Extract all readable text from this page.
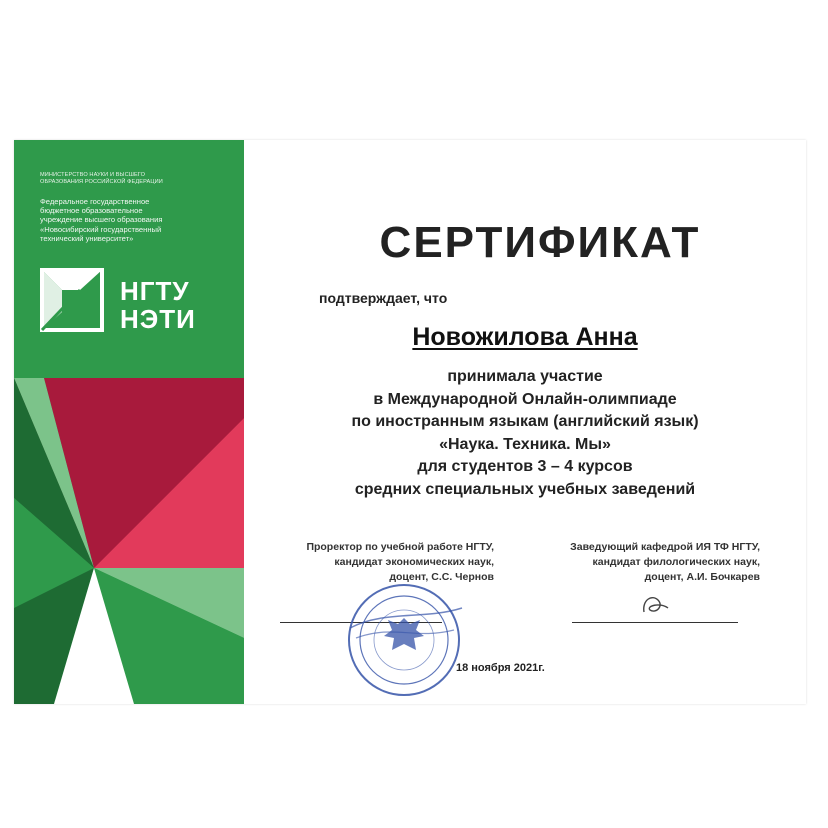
МИНИСТЕРСТВО НАУКИ И ВЫСШЕГО
ОБРАЗОВАНИЯ РОССИЙСКОЙ ФЕДЕРАЦИИ
Федеральное государственное
бюджетное образовательное
учреждение высшего образования
«Новосибирский государственный
технический университет»
НГТУ
НЭТИ
СЕРТИФИКАТ
подтверждает, что
Новожилова Анна
принимала участие
в Международной Онлайн-олимпиаде
по иностранным языкам (английский язык)
«Наука. Техника. Мы»
для студентов 3 – 4 курсов
средних специальных учебных заведений
Проректор по учебной работе НГТУ,
кандидат экономических наук,
доцент, С.С. Чернов
Заведующий кафедрой ИЯ ТФ НГТУ,
кандидат филологических наук,
доцент, А.И. Бочкарев
18 ноября 2021г.
